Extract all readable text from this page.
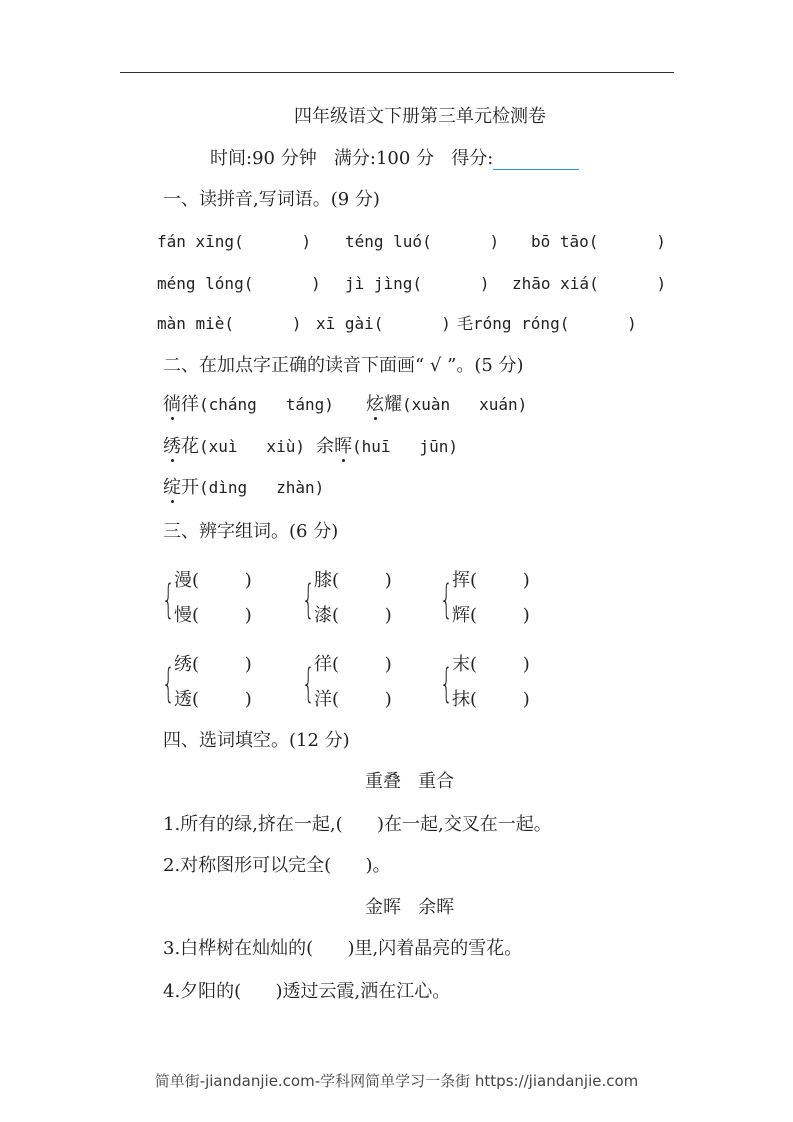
四年级语文下册第三单元检测卷
时间:90 分钟 满分:100 分 得分:
一、读拼音,写词语。(9 分)
fán xīng(      ) téng luó(      ) bō tāo(      )
méng lóng(      ) jì jìng(      ) zhāo xiá(      )
màn miè(      ) xī gài(      ) 毛róng róng(      )
二、在加点字正确的读音下面画“ √ ”。(5 分)
徜徉(cháng   táng) 炫耀(xuàn   xuán)
绣花(xuì   xiù) 余晖(huī   jūn)
绽开(dìng   zhàn)
三、辨字组词。(6 分)
{ 漫(        )
慢(        ) { 膝(        )
漆(        ) { 挥(        )
辉(        )
{ 绣(        )
透(        ) { 徉(        )
洋(        ) { 末(        )
抹(        )
四、选词填空。(12 分)
重叠   重合
1.所有的绿,挤在一起,(      )在一起,交叉在一起。
2.对称图形可以完全(      )。
金晖   余晖
3.白桦树在灿灿的(      )里,闪着晶亮的雪花。
4.夕阳的(      )透过云霞,洒在江心。
简单街-jiandanjie.com-学科网简单学习一条街 https://jiandanjie.com
